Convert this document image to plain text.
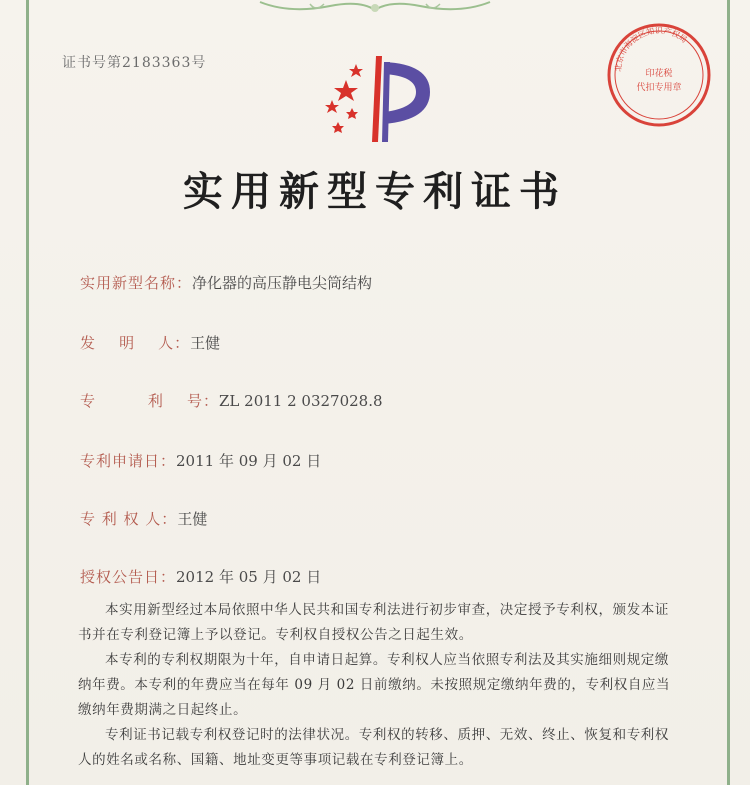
证书号第2183363号	北京市海淀区知识产权局
印花税
代扣专用章
实用新型专利证书
实用新型名称：净化器的高压静电尖筒结构
发    明    人：王健
专         利    号：ZL 2011 2 0327028.8
专利申请日：2011 年 09 月 02 日
专 利 权 人：王健
授权公告日：2012 年 05 月 02 日

本实用新型经过本局依照中华人民共和国专利法进行初步审查，决定授予专利权，颁发本证书并在专利登记簿上予以登记。专利权自授权公告之日起生效。

本专利的专利权期限为十年，自申请日起算。专利权人应当依照专利法及其实施细则规定缴纳年费。本专利的年费应当在每年 09 月 02 日前缴纳。未按照规定缴纳年费的，专利权自应当缴纳年费期满之日起终止。

专利证书记载专利权登记时的法律状况。专利权的转移、质押、无效、终止、恢复和专利权人的姓名或名称、国籍、地址变更等事项记载在专利登记簿上。
